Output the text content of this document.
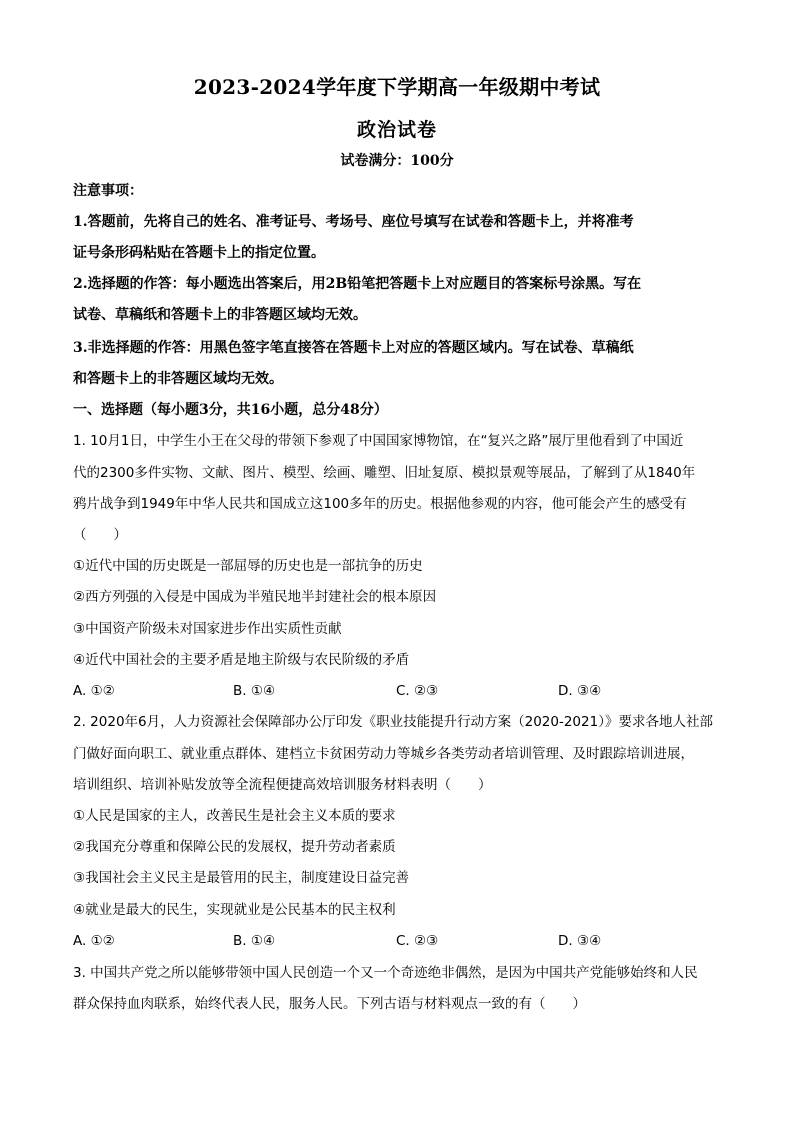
2023-2024学年度下学期高一年级期中考试
政治试卷
试卷满分：100分
注意事项：
1.答题前，先将自己的姓名、准考证号、考场号、座位号填写在试卷和答题卡上，并将准考
证号条形码粘贴在答题卡上的指定位置。
2.选择题的作答：每小题选出答案后，用2B铅笔把答题卡上对应题目的答案标号涂黑。写在
试卷、草稿纸和答题卡上的非答题区域均无效。
3.非选择题的作答：用黑色签字笔直接答在答题卡上对应的答题区域内。写在试卷、草稿纸
和答题卡上的非答题区域均无效。
一、选择题（每小题3分，共16小题，总分48分）
1. 10月1日，中学生小王在父母的带领下参观了中国国家博物馆，在“复兴之路”展厅里他看到了中国近
代的2300多件实物、文献、图片、模型、绘画、雕塑、旧址复原、模拟景观等展品，了解到了从1840年
鸦片战争到1949年中华人民共和国成立这100多年的历史。根据他参观的内容，他可能会产生的感受有
（　　）
①近代中国的历史既是一部屈辱的历史也是一部抗争的历史
②西方列强的入侵是中国成为半殖民地半封建社会的根本原因
③中国资产阶级未对国家进步作出实质性贡献
④近代中国社会的主要矛盾是地主阶级与农民阶级的矛盾
A. ①②	B. ①④	C. ②③	D. ③④
2. 2020年6月，人力资源社会保障部办公厅印发《职业技能提升行动方案（2020-2021）》要求各地人社部
门做好面向职工、就业重点群体、建档立卡贫困劳动力等城乡各类劳动者培训管理、及时跟踪培训进展，
培训组织、培训补贴发放等全流程便捷高效培训服务材料表明（　　）
①人民是国家的主人，改善民生是社会主义本质的要求
②我国充分尊重和保障公民的发展权，提升劳动者素质
③我国社会主义民主是最管用的民主，制度建设日益完善
④就业是最大的民生，实现就业是公民基本的民主权利
A. ①②	B. ①④	C. ②③	D. ③④
3. 中国共产党之所以能够带领中国人民创造一个又一个奇迹绝非偶然，是因为中国共产党能够始终和人民
群众保持血肉联系，始终代表人民，服务人民。下列古语与材料观点一致的有（　　）
